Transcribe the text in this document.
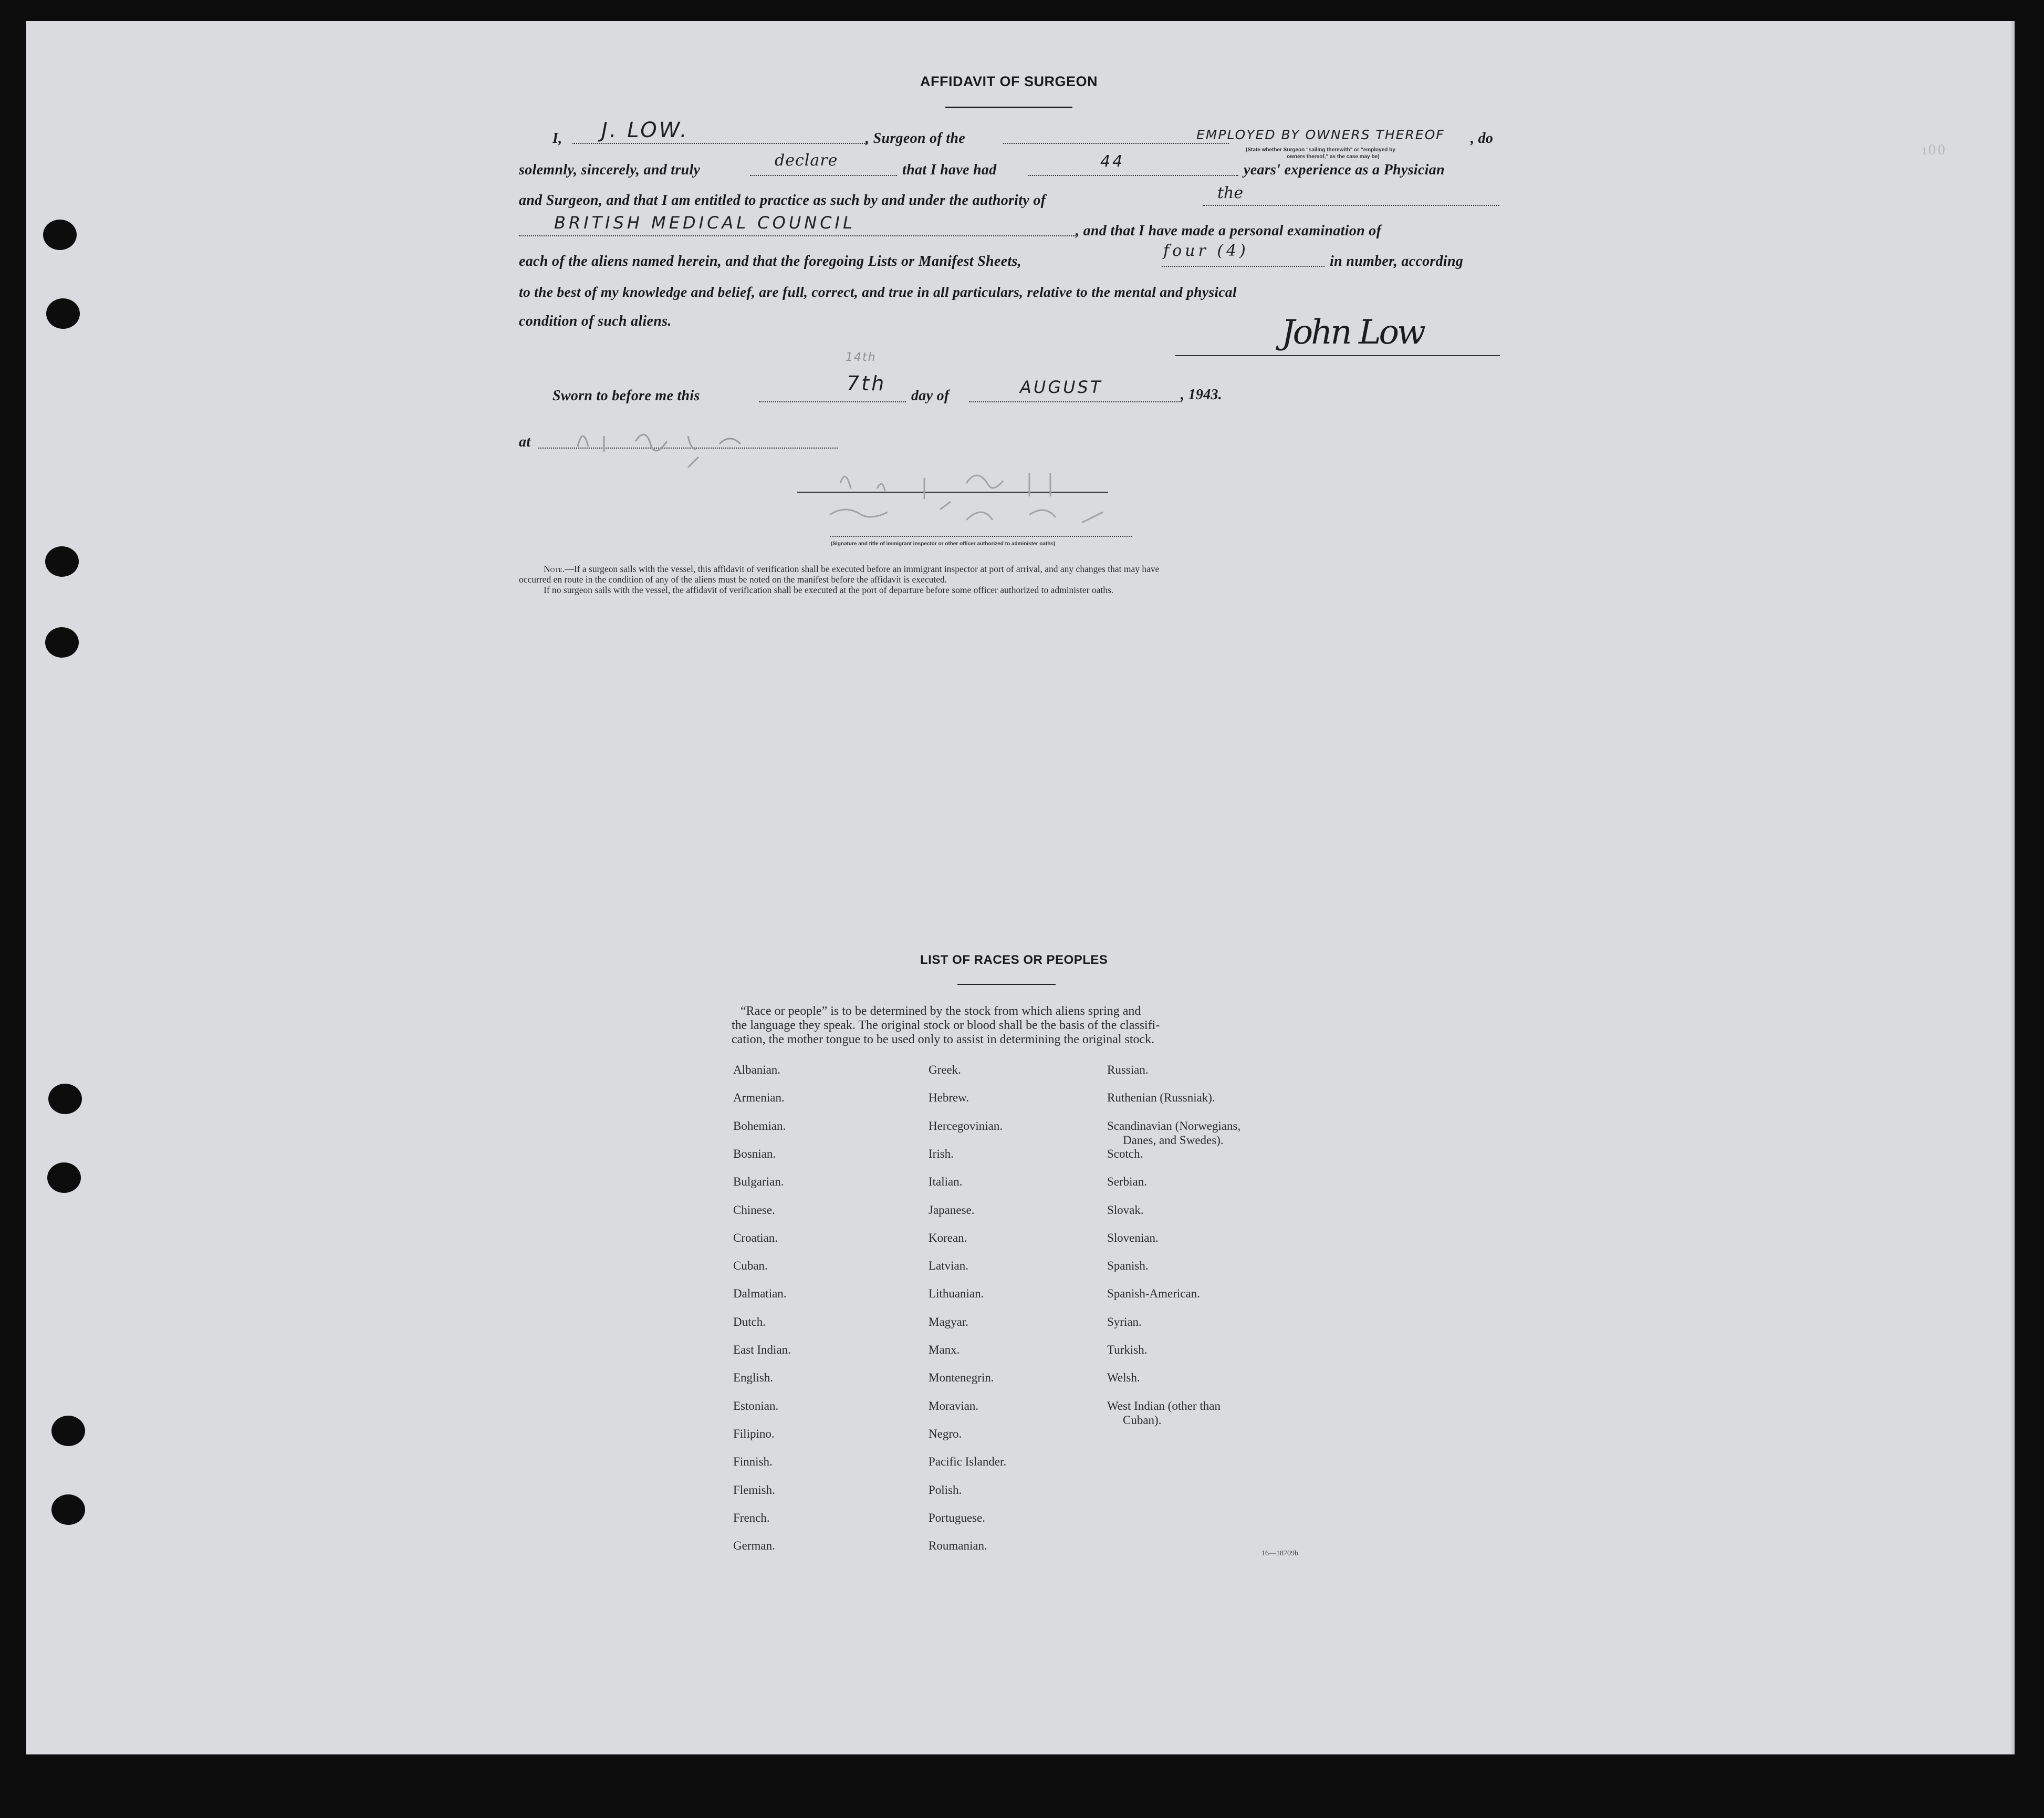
AFFIDAVIT OF SURGEON
I, J. LOW.	, Surgeon of the	EMPLOYED BY OWNERS THEREOF , do
(State whether Surgeon "sailing therewith" or "employed by
owners thereof," as the case may be)
solemnly, sincerely, and truly
declare
that I have had	44	years' experience as a Physician
and Surgeon, and that I am entitled to practice as such by and under the authority of	the
BRITISH MEDICAL COUNCIL	, and that I have made a personal examination of
each of the aliens named herein, and that the foregoing Lists or Manifest Sheets,
four (4)
in number, according
to the best of my knowledge and belief, are full, correct, and true in all particulars, relative to the mental and physical
condition of such aliens.	John Low
Sworn to before me this
14th
7th
day of	AUGUST	, 1943.
at
(Signature and title of immigrant inspector or other officer authorized to administer oaths)
Note.—If a surgeon sails with the vessel, this affidavit of verification shall be executed before an immigrant inspector at port of arrival, and any changes that may have
occurred en route in the condition of any of the aliens must be noted on the manifest before the affidavit is executed.
If no surgeon sails with the vessel, the affidavit of verification shall be executed at the port of departure before some officer authorized to administer oaths.
LIST OF RACES OR PEOPLES
“Race or people” is to be determined by the stock from which aliens spring and
the language they speak. The original stock or blood shall be the basis of the classifi-
cation, the mother tongue to be used only to assist in determining the original stock.
Albanian.
Armenian.
Bohemian.
Bosnian.
Bulgarian.
Chinese.
Croatian.
Cuban.
Dalmatian.
Dutch.
East Indian.
English.
Estonian.
Filipino.
Finnish.
Flemish.
French.
German.
Greek.
Hebrew.
Hercegovinian.
Irish.
Italian.
Japanese.
Korean.
Latvian.
Lithuanian.
Magyar.
Manx.
Montenegrin.
Moravian.
Negro.
Pacific Islander.
Polish.
Portuguese.
Roumanian.
Russian.
Ruthenian (Russniak).
Scandinavian (Norwegians,
Danes, and Swedes).
Scotch.
Serbian.
Slovak.
Slovenian.
Spanish.
Spanish-American.
Syrian.
Turkish.
Welsh.
West Indian (other than
Cuban).
16—18709b
ı00
